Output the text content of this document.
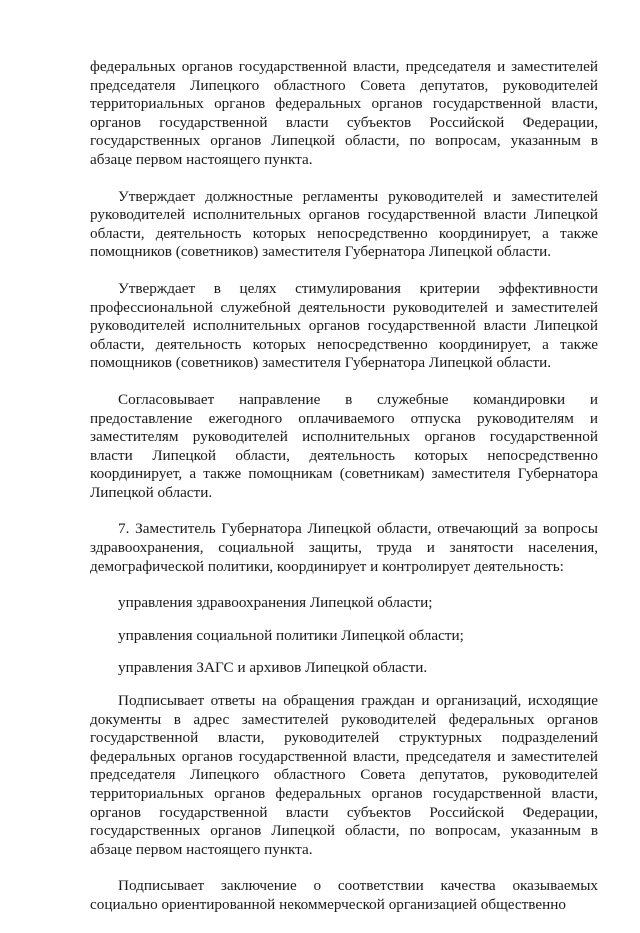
федеральных органов государственной власти, председателя и заместителей председателя Липецкого областного Совета депутатов, руководителей территориальных органов федеральных органов государственной власти, органов государственной власти субъектов Российской Федерации, государственных органов Липецкой области, по вопросам, указанным в абзаце первом настоящего пункта.

Утверждает должностные регламенты руководителей и заместителей руководителей исполнительных органов государственной власти Липецкой области, деятельность которых непосредственно координирует, а также помощников (советников) заместителя Губернатора Липецкой области.

Утверждает в целях стимулирования критерии эффективности профессиональной служебной деятельности руководителей и заместителей руководителей исполнительных органов государственной власти Липецкой области, деятельность которых непосредственно координирует, а также помощников (советников) заместителя Губернатора Липецкой области.

Согласовывает направление в служебные командировки и предоставление ежегодного оплачиваемого отпуска руководителям и заместителям руководителей исполнительных органов государственной власти Липецкой области, деятельность которых непосредственно координирует, а также помощникам (советникам) заместителя Губернатора Липецкой области.

7. Заместитель Губернатора Липецкой области, отвечающий за вопросы здравоохранения, социальной защиты, труда и занятости населения, демографической политики, координирует и контролирует деятельность:

управления здравоохранения Липецкой области;

управления социальной политики Липецкой области;

управления ЗАГС и архивов Липецкой области.

Подписывает ответы на обращения граждан и организаций, исходящие документы в адрес заместителей руководителей федеральных органов государственной власти, руководителей структурных подразделений федеральных органов государственной власти, председателя и заместителей председателя Липецкого областного Совета депутатов, руководителей территориальных органов федеральных органов государственной власти, органов государственной власти субъектов Российской Федерации, государственных органов Липецкой области, по вопросам, указанным в абзаце первом настоящего пункта.

Подписывает заключение о соответствии качества оказываемых социально ориентированной некоммерческой организацией общественно
